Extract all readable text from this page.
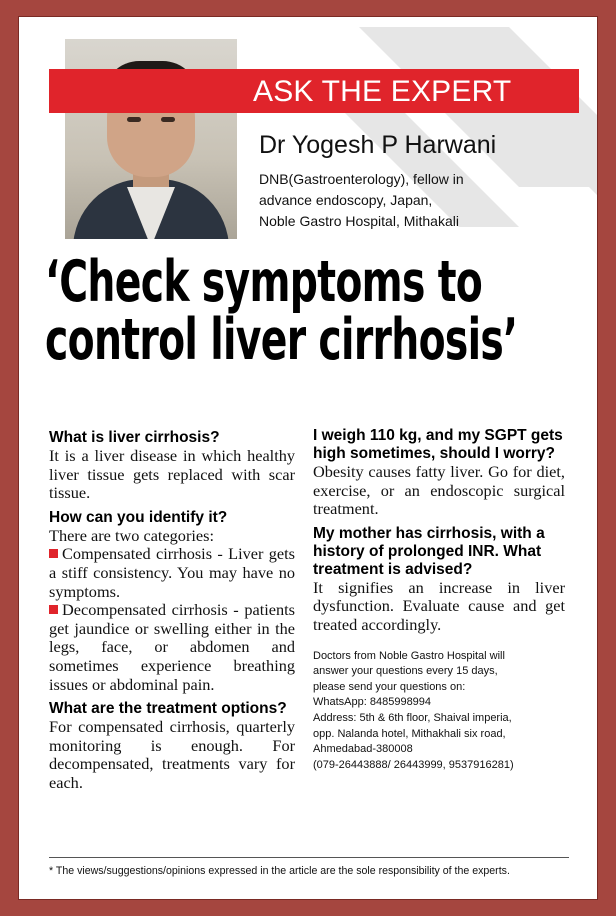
ASK THE EXPERT
Dr Yogesh P Harwani
DNB(Gastroenterology), fellow in
advance endoscopy, Japan,
Noble Gastro Hospital, Mithakali
‘Check symptoms to
control liver cirrhosis’
What is liver cirrhosis?
It is a liver disease in which healthy liver tissue gets replaced with scar tissue.
How can you identify it?
There are two categories:
Compensated cirrhosis - Liver gets a stiff consistency. You may have no symptoms.
Decompensated cirrhosis - patients get jaundice or swelling either in the legs, face, or abdomen and sometimes experience breathing issues or abdominal pain.
What are the treatment options?
For compensated cirrhosis, quarterly monitoring is enough. For decompensated, treatments vary for each.
I weigh 110 kg, and my SGPT gets high sometimes, should I worry?
Obesity causes fatty liver. Go for diet, exercise, or an endoscopic surgical treatment.
My mother has cirrhosis, with a history of prolonged INR. What treatment is advised?
It signifies an increase in liver dysfunction. Evaluate cause and get treated accordingly.
Doctors from Noble Gastro Hospital will
answer your questions every 15 days,
please send your questions on:
WhatsApp: 8485998994
Address: 5th & 6th floor, Shaival imperia,
opp. Nalanda hotel, Mithakhali six road,
Ahmedabad-380008
(079-26443888/ 26443999, 9537916281)
* The views/suggestions/opinions expressed in the article are the sole responsibility of the experts.
